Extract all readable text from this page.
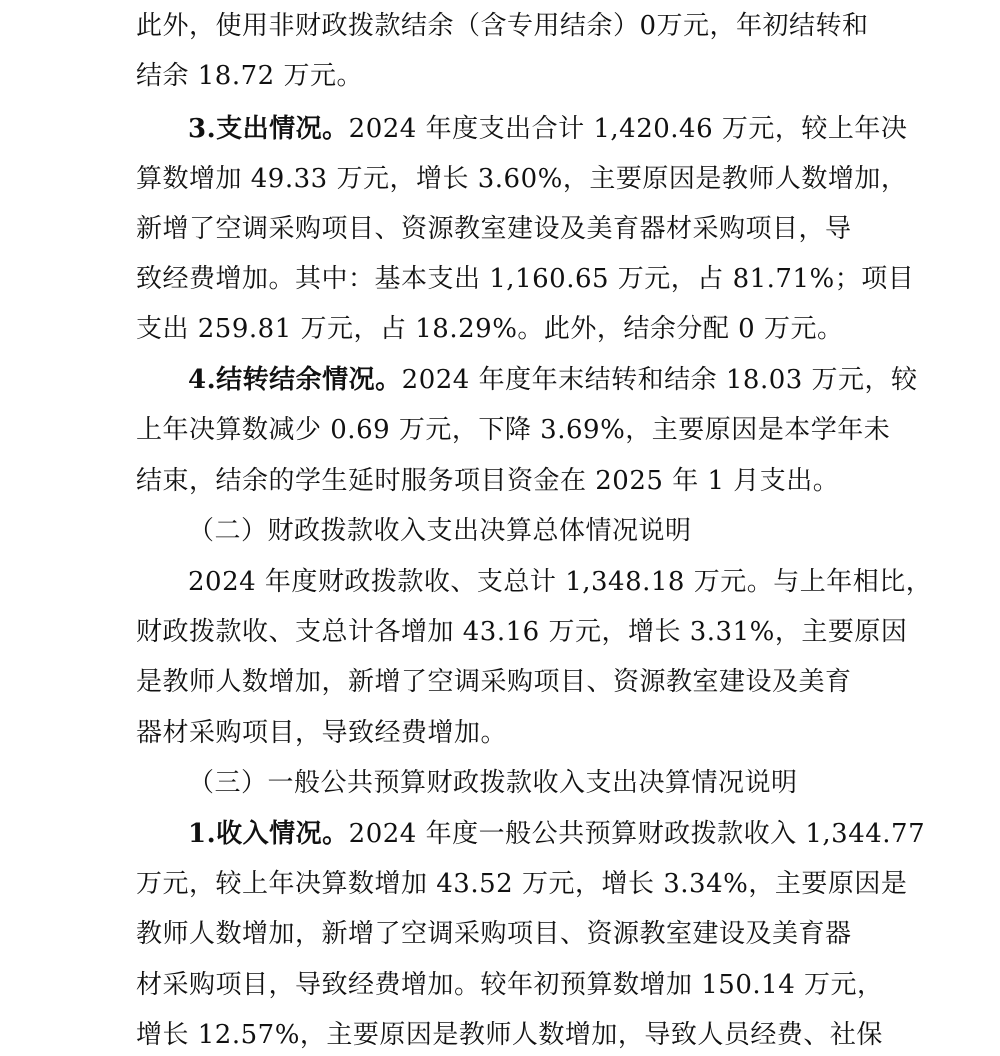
此外，使用非财政拨款结余（含专用结余）0万元，年初结转和
结余 18.72 万元。
3.支出情况。2024 年度支出合计 1,420.46 万元，较上年决
算数增加 49.33 万元，增长 3.60%，主要原因是教师人数增加，
新增了空调采购项目、资源教室建设及美育器材采购项目，导
致经费增加。其中：基本支出 1,160.65 万元，占 81.71%；项目
支出 259.81 万元，占 18.29%。此外，结余分配 0 万元。
4.结转结余情况。2024 年度年末结转和结余 18.03 万元，较
上年决算数减少 0.69 万元，下降 3.69%，主要原因是本学年未
结束，结余的学生延时服务项目资金在 2025 年 1 月支出。
（二）财政拨款收入支出决算总体情况说明
2024 年度财政拨款收、支总计 1,348.18 万元。与上年相比，
财政拨款收、支总计各增加 43.16 万元，增长 3.31%，主要原因
是教师人数增加，新增了空调采购项目、资源教室建设及美育
器材采购项目，导致经费增加。
（三）一般公共预算财政拨款收入支出决算情况说明
1.收入情况。2024 年度一般公共预算财政拨款收入 1,344.77
万元，较上年决算数增加 43.52 万元，增长 3.34%，主要原因是
教师人数增加，新增了空调采购项目、资源教室建设及美育器
材采购项目，导致经费增加。较年初预算数增加 150.14 万元，
增长 12.57%，主要原因是教师人数增加，导致人员经费、社保
